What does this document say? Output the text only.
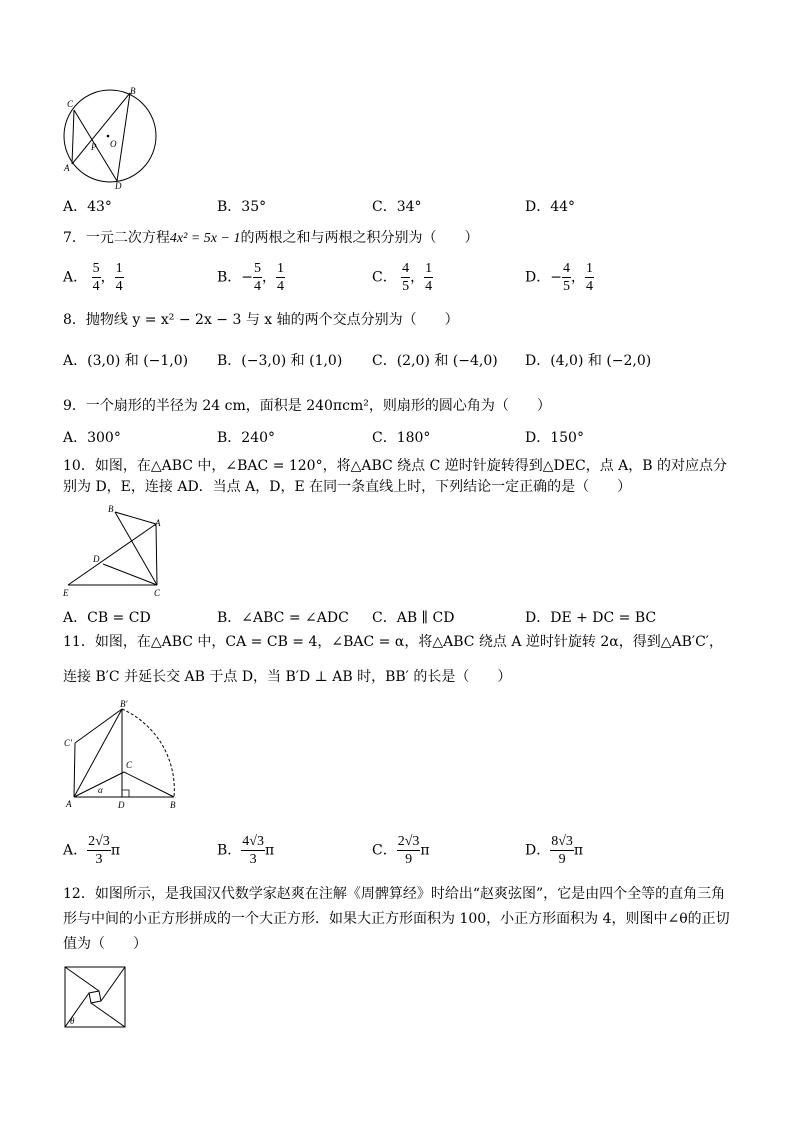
C
B
A
D
O
P
A．43°	B．35°	C．34°	D．44°
7．一元二次方程4x² = 5x − 1的两根之和与两根之积分别为（　　）
A． $\frac{5}{4}$ ， $\frac{1}{4}$	B．− $\frac{5}{4}$ ， $\frac{1}{4}$	C． $\frac{4}{5}$ ， $\frac{1}{4}$	D．− $\frac{4}{5}$ ， $\frac{1}{4}$
8．抛物线 y = x² − 2x − 3 与 x 轴的两个交点分别为（　　）
A．(3,0) 和 (−1,0) B．(−3,0) 和 (1,0) C．(2,0) 和 (−4,0) D．(4,0) 和 (−2,0)
9．一个扇形的半径为 24 cm，面积是 240πcm²，则扇形的圆心角为（　　）
A．300°	B．240°	C．180°	D．150°
10．如图，在△ABC 中，∠BAC = 120°，将△ABC 绕点 C 逆时针旋转得到△DEC，点 A，B 的对应点分
别为 D，E，连接 AD．当点 A，D，E 在同一条直线上时，下列结论一定正确的是（　　）
B
A
D
E	C
A．CB = CD	B．∠ABC = ∠ADC C．AB ∥ CD	D．DE + DC = BC
11．如图，在△ABC 中，CA = CB = 4，∠BAC = α，将△ABC 绕点 A 逆时针旋转 2α，得到△AB′C′，
连接 B′C 并延长交 AB 于点 D，当 B′D ⊥ AB 时，BB′ 的长是（　　）
B′
C′
C
A	D	B
α
A． $\frac{2√3}{3}$ π	B． $\frac{4√3}{3}$ π	C． $\frac{2√3}{9}$ π	D． $\frac{8√3}{9}$ π
12．如图所示，是我国汉代数学家赵爽在注解《周髀算经》时给出“赵爽弦图”，它是由四个全等的直角三角
形与中间的小正方形拼成的一个大正方形．如果大正方形面积为 100，小正方形面积为 4，则图中∠θ的正切
值为（　　）
θ
